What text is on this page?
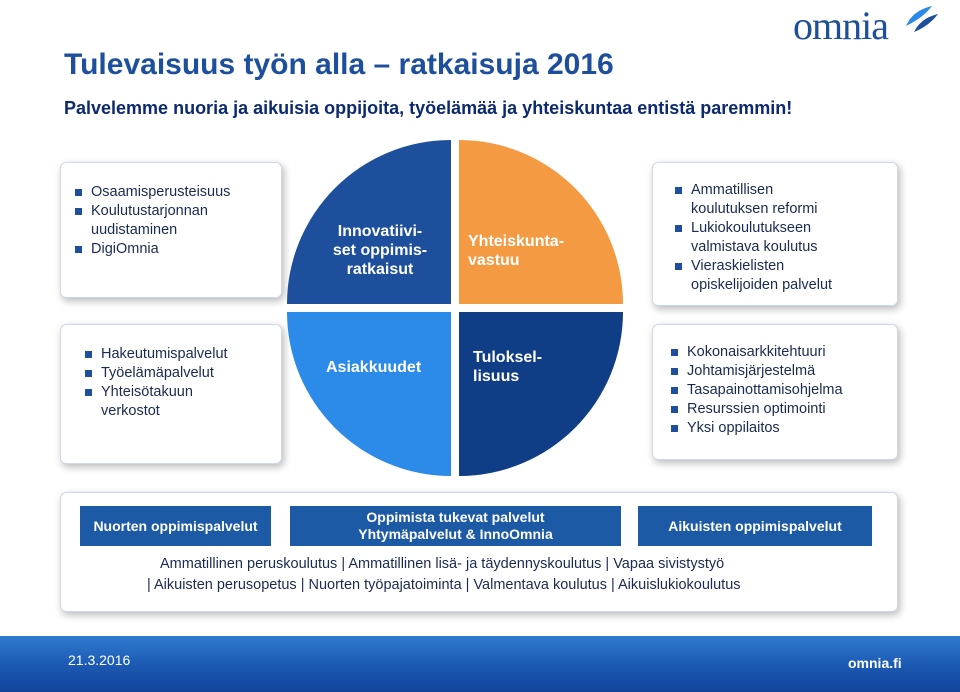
Tulevaisuus työn alla – ratkaisuja 2016
Palvelemme nuoria ja aikuisia oppijoita, työelämää ja yhteiskuntaa entistä paremmin!
omnia
Osaamisperusteisuus
Koulutustarjonnan uudistaminen
DigiOmnia
Ammatillisen koulutuksen reformi
Lukiokoulutukseen valmistava koulutus
Vieraskielisten opiskelijoiden palvelut
Hakeutumispalvelut
Työelämäpalvelut
Yhteisötakuun verkostot
Kokonaisarkkitehtuuri
Johtamisjärjestelmä
Tasapainottamisohjelma
Resurssien optimointi
Yksi oppilaitos
Innovatiivi-
set oppimis-
ratkaisut
Yhteiskunta-
vastuu
Asiakkuudet
Tuloksel-
lisuus
Nuorten oppimispalvelut
Oppimista tukevat palvelut
Yhtymäpalvelut & InnoOmnia
Aikuisten oppimispalvelut
Ammatillinen peruskoulutus | Ammatillinen lisä- ja täydennyskoulutus | Vapaa sivistystyö
| Aikuisten perusopetus | Nuorten työpajatoiminta | Valmentava koulutus | Aikuislukiokoulutus
21.3.2016	omnia.fi
